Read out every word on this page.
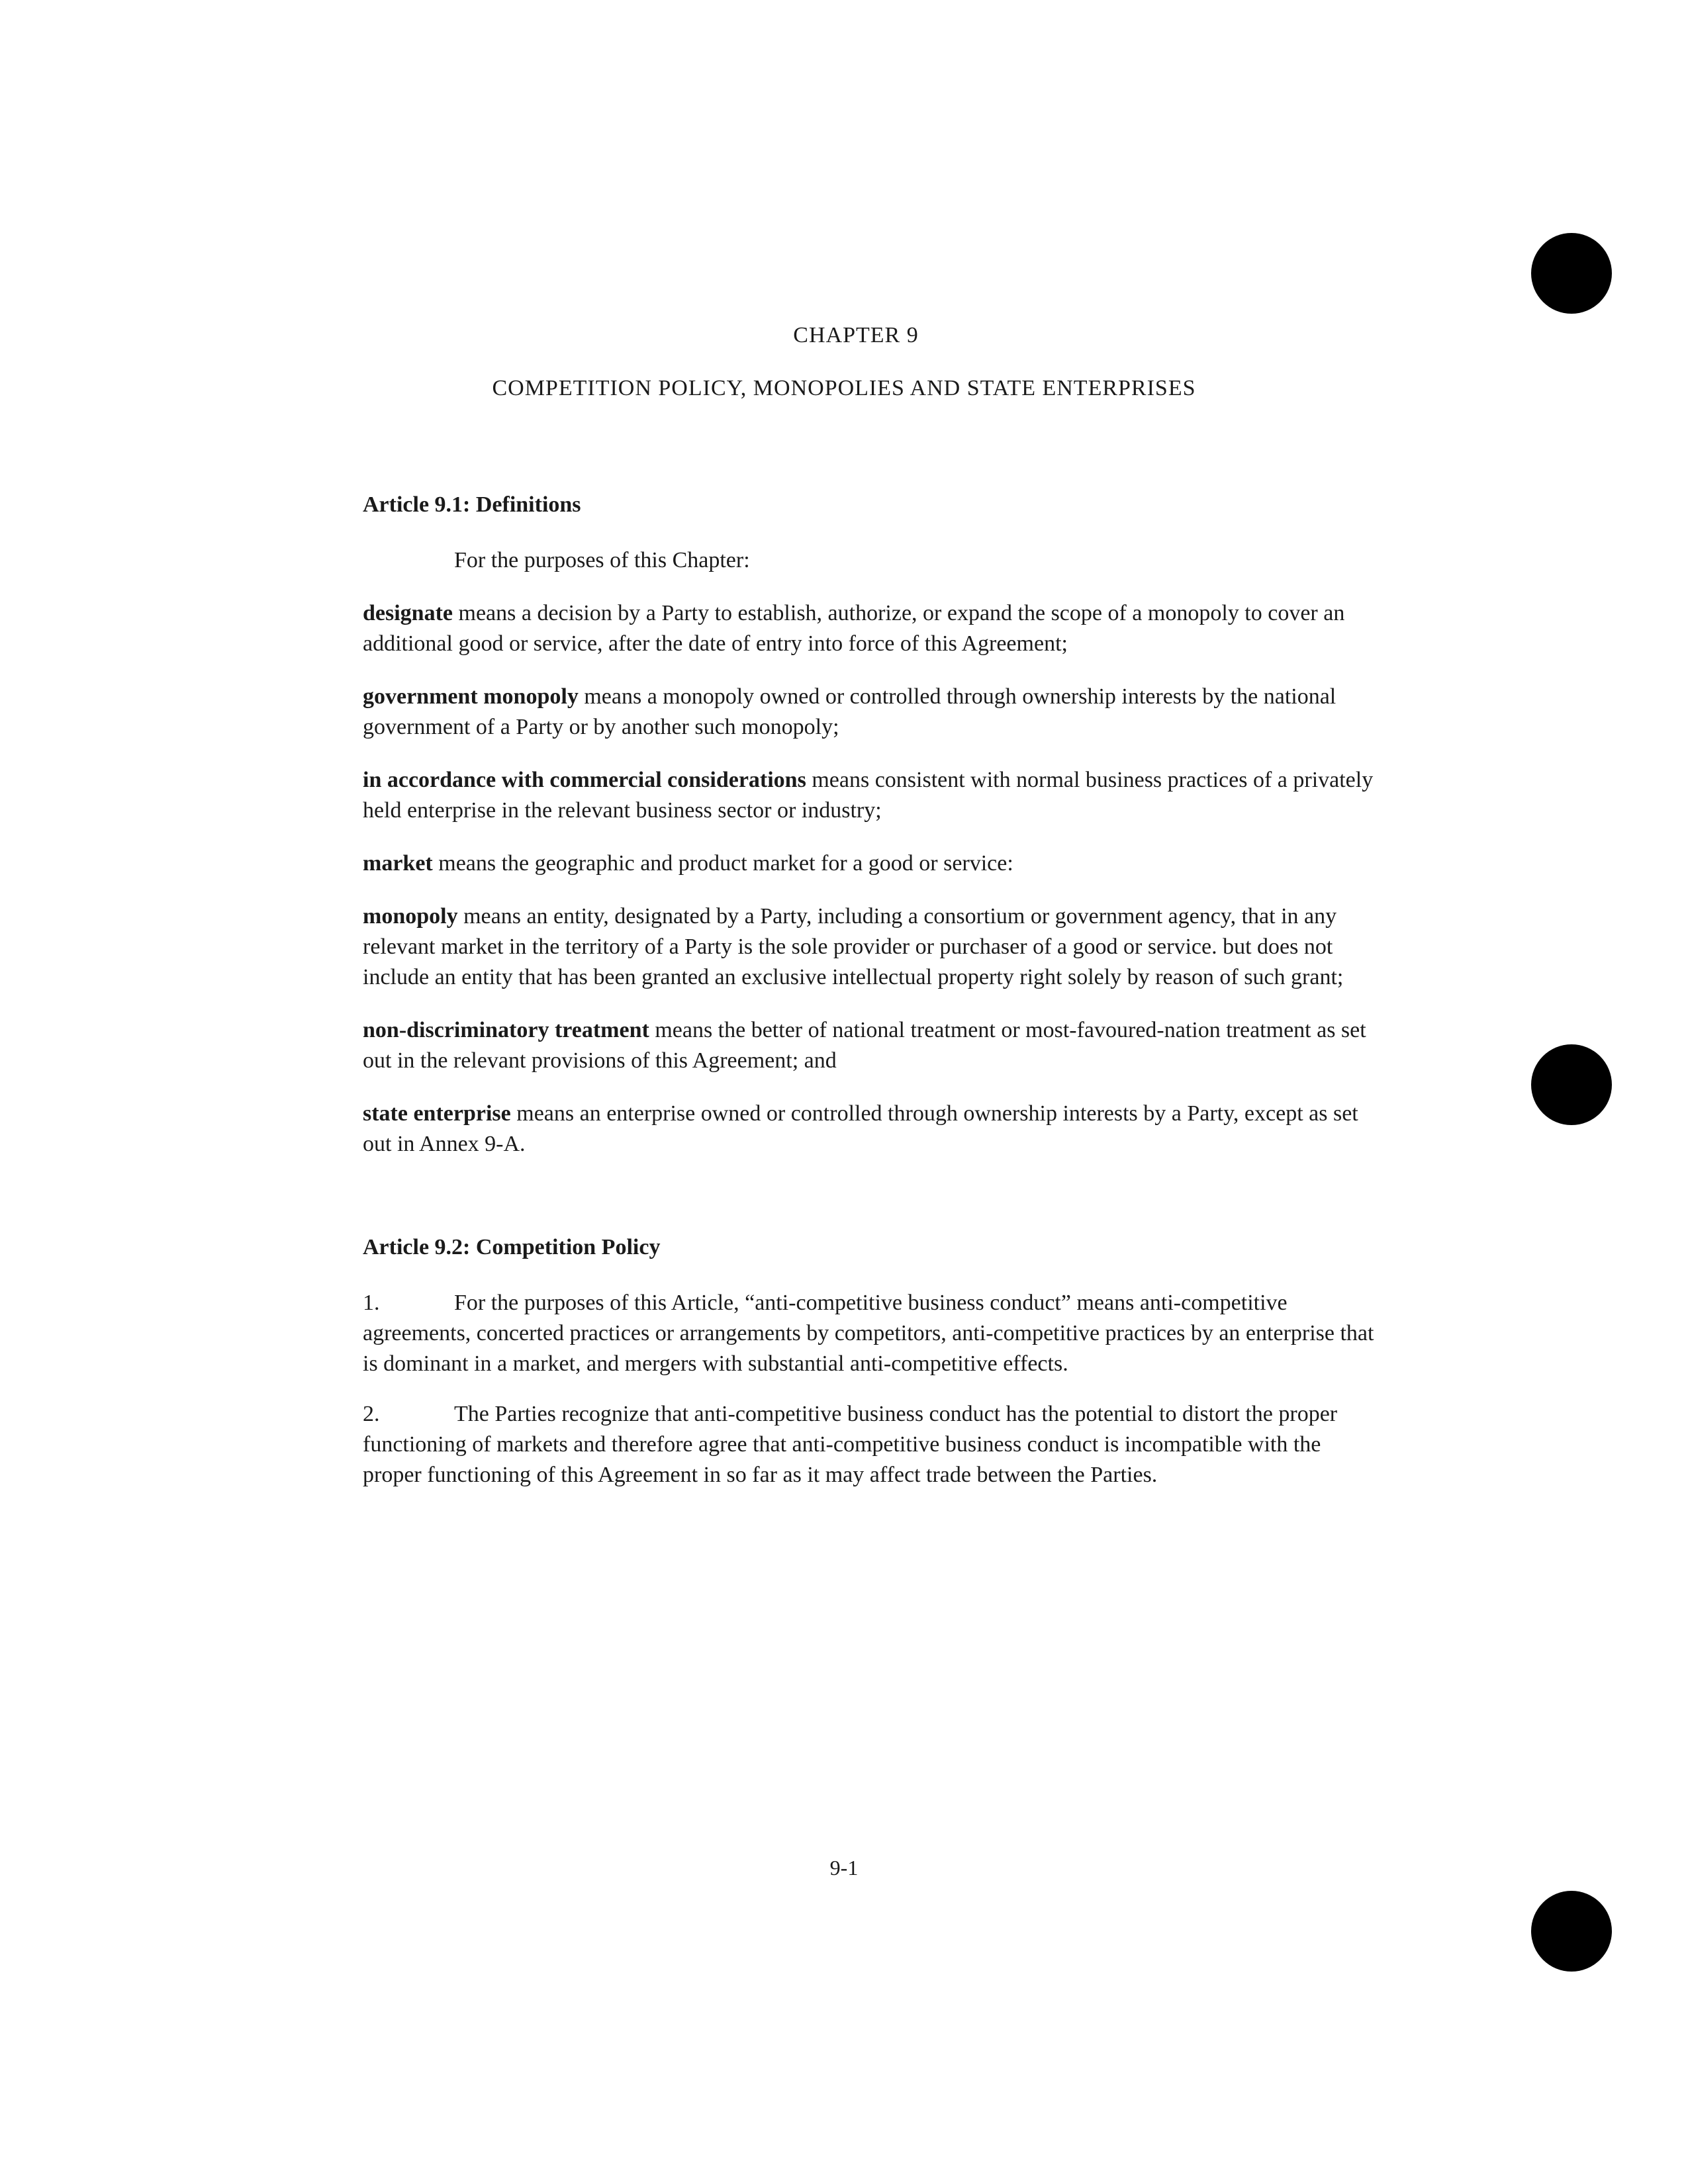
CHAPTER 9
COMPETITION POLICY, MONOPOLIES AND STATE ENTERPRISES

Article 9.1: Definitions

For the purposes of this Chapter:

designate means a decision by a Party to establish, authorize, or expand the scope of a monopoly to cover an additional good or service, after the date of entry into force of this Agreement;

government monopoly means a monopoly owned or controlled through ownership interests by the national government of a Party or by another such monopoly;

in accordance with commercial considerations means consistent with normal business practices of a privately held enterprise in the relevant business sector or industry;

market means the geographic and product market for a good or service:

monopoly means an entity, designated by a Party, including a consortium or government agency, that in any relevant market in the territory of a Party is the sole provider or purchaser of a good or service. but does not include an entity that has been granted an exclusive intellectual property right solely by reason of such grant;

non-discriminatory treatment means the better of national treatment or most-favoured-nation treatment as set out in the relevant provisions of this Agreement; and

state enterprise means an enterprise owned or controlled through ownership interests by a Party, except as set out in Annex 9-A.

Article 9.2: Competition Policy

1.	For the purposes of this Article, “anti-competitive business conduct” means anti-competitive agreements, concerted practices or arrangements by competitors, anti-competitive practices by an enterprise that is dominant in a market, and mergers with substantial anti-competitive effects.

2.	The Parties recognize that anti-competitive business conduct has the potential to distort the proper functioning of markets and therefore agree that anti-competitive business conduct is incompatible with the proper functioning of this Agreement in so far as it may affect trade between the Parties.

9-1
